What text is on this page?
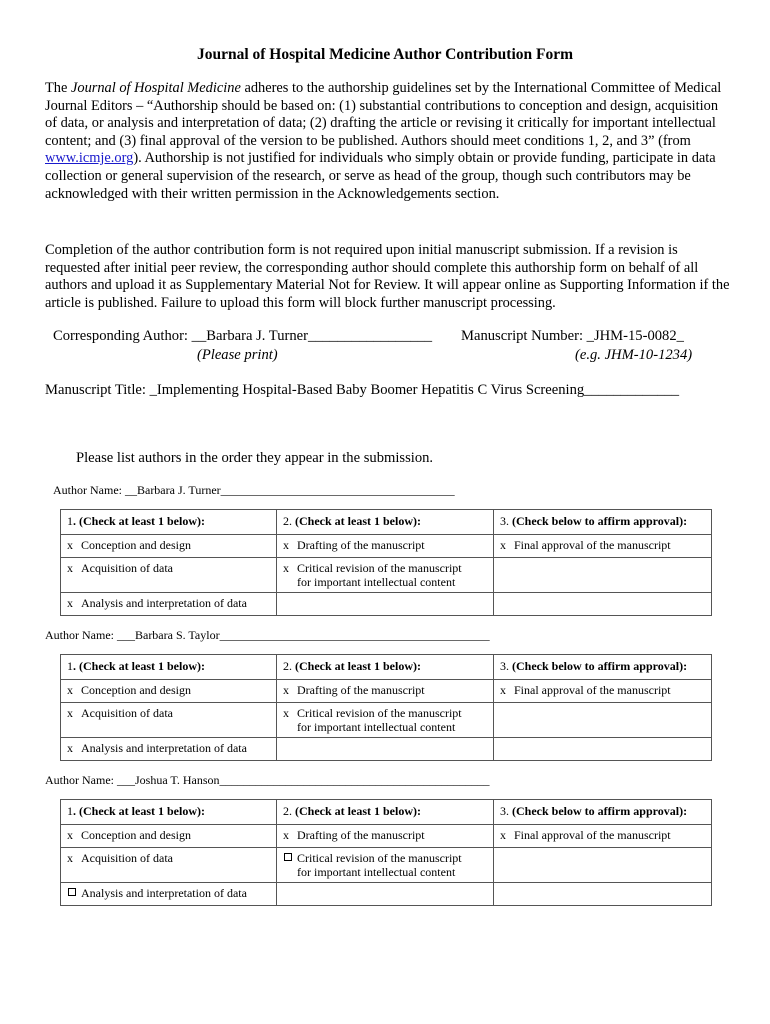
Journal of Hospital Medicine Author Contribution Form
The Journal of Hospital Medicine adheres to the authorship guidelines set by the International Committee of Medical Journal Editors – “Authorship should be based on: (1) substantial contributions to conception and design, acquisition of data, or analysis and interpretation of data; (2) drafting the article or revising it critically for important intellectual content; and (3) final approval of the version to be published. Authors should meet conditions 1, 2, and 3” (from www.icmje.org). Authorship is not justified for individuals who simply obtain or provide funding, participate in data collection or general supervision of the research, or serve as head of the group, though such contributors may be acknowledged with their written permission in the Acknowledgements section.
Completion of the author contribution form is not required upon initial manuscript submission. If a revision is requested after initial peer review, the corresponding author should complete this authorship form on behalf of all authors and upload it as Supplementary Material Not for Review. It will appear online as Supporting Information if the article is published. Failure to upload this form will block further manuscript processing.
Corresponding Author: __Barbara J. Turner_________________
(Please print)
Manuscript Number: _JHM-15-0082_
(e.g. JHM-10-1234)
Manuscript Title: _Implementing Hospital-Based Baby Boomer Hepatitis C Virus Screening_____________
Please list authors in the order they appear in the submission.
Author Name: __Barbara J. Turner_______________________________________
1. (Check at least 1 below):	2. (Check at least 1 below):	3. (Check below to affirm approval):
x Conception and design	x Drafting of the manuscript	x Final approval of the manuscript
x Acquisition of data	x Critical revision of the manuscript
for important intellectual content	

x Analysis and interpretation of data		
Author Name: ___Barbara S. Taylor_____________________________________________
1. (Check at least 1 below):	2. (Check at least 1 below):	3. (Check below to affirm approval):
x Conception and design	x Drafting of the manuscript	x Final approval of the manuscript
x Acquisition of data	x Critical revision of the manuscript
for important intellectual content	

x Analysis and interpretation of data		
Author Name: ___Joshua T. Hanson_____________________________________________
1. (Check at least 1 below):	2. (Check at least 1 below):	3. (Check below to affirm approval):
x Conception and design	x Drafting of the manuscript	x Final approval of the manuscript
x Acquisition of data	Critical revision of the manuscript
for important intellectual content	

Analysis and interpretation of data		
